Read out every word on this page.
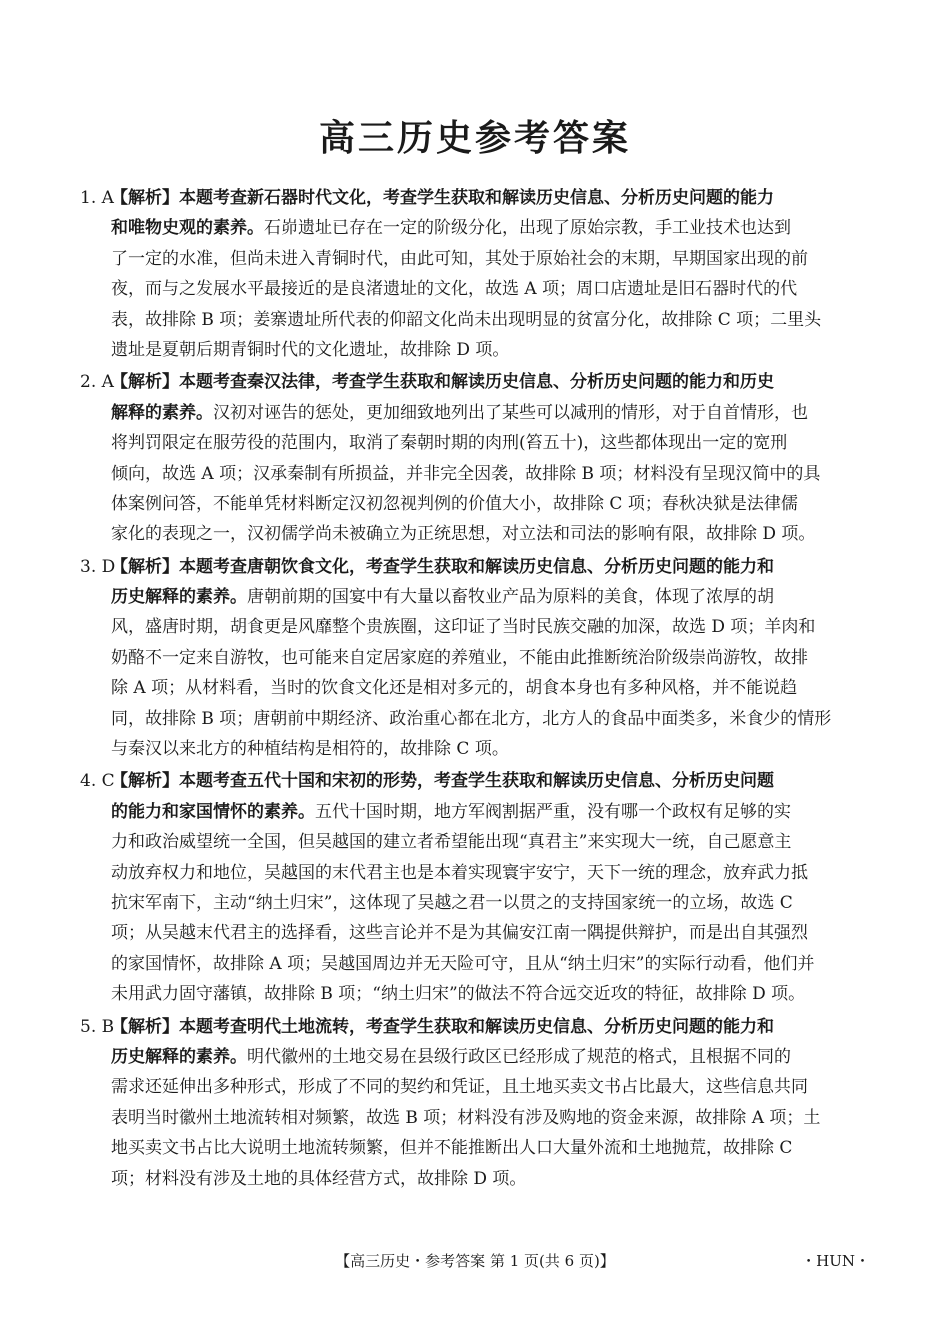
高三历史参考答案
1. A【解析】本题考查新石器时代文化，考查学生获取和解读历史信息、分析历史问题的能力
和唯物史观的素养。石峁遗址已存在一定的阶级分化，出现了原始宗教，手工业技术也达到
了一定的水准，但尚未进入青铜时代，由此可知，其处于原始社会的末期，早期国家出现的前
夜，而与之发展水平最接近的是良渚遗址的文化，故选 A 项；周口店遗址是旧石器时代的代
表，故排除 B 项；姜寨遗址所代表的仰韶文化尚未出现明显的贫富分化，故排除 C 项；二里头
遗址是夏朝后期青铜时代的文化遗址，故排除 D 项。
2. A【解析】本题考查秦汉法律，考查学生获取和解读历史信息、分析历史问题的能力和历史
解释的素养。汉初对诬告的惩处，更加细致地列出了某些可以减刑的情形，对于自首情形，也
将判罚限定在服劳役的范围内，取消了秦朝时期的肉刑(笞五十)，这些都体现出一定的宽刑
倾向，故选 A 项；汉承秦制有所损益，并非完全因袭，故排除 B 项；材料没有呈现汉简中的具
体案例问答，不能单凭材料断定汉初忽视判例的价值大小，故排除 C 项；春秋决狱是法律儒
家化的表现之一，汉初儒学尚未被确立为正统思想，对立法和司法的影响有限，故排除 D 项。
3. D【解析】本题考查唐朝饮食文化，考查学生获取和解读历史信息、分析历史问题的能力和
历史解释的素养。唐朝前期的国宴中有大量以畜牧业产品为原料的美食，体现了浓厚的胡
风，盛唐时期，胡食更是风靡整个贵族圈，这印证了当时民族交融的加深，故选 D 项；羊肉和
奶酪不一定来自游牧，也可能来自定居家庭的养殖业，不能由此推断统治阶级崇尚游牧，故排
除 A 项；从材料看，当时的饮食文化还是相对多元的，胡食本身也有多种风格，并不能说趋
同，故排除 B 项；唐朝前中期经济、政治重心都在北方，北方人的食品中面类多，米食少的情形
与秦汉以来北方的种植结构是相符的，故排除 C 项。
4. C【解析】本题考查五代十国和宋初的形势，考查学生获取和解读历史信息、分析历史问题
的能力和家国情怀的素养。五代十国时期，地方军阀割据严重，没有哪一个政权有足够的实
力和政治威望统一全国，但吴越国的建立者希望能出现“真君主”来实现大一统，自己愿意主
动放弃权力和地位，吴越国的末代君主也是本着实现寰宇安宁，天下一统的理念，放弃武力抵
抗宋军南下，主动“纳土归宋”，这体现了吴越之君一以贯之的支持国家统一的立场，故选 C
项；从吴越末代君主的选择看，这些言论并不是为其偏安江南一隅提供辩护，而是出自其强烈
的家国情怀，故排除 A 项；吴越国周边并无天险可守，且从“纳土归宋”的实际行动看，他们并
未用武力固守藩镇，故排除 B 项；“纳土归宋”的做法不符合远交近攻的特征，故排除 D 项。
5. B【解析】本题考查明代土地流转，考查学生获取和解读历史信息、分析历史问题的能力和
历史解释的素养。明代徽州的土地交易在县级行政区已经形成了规范的格式，且根据不同的
需求还延伸出多种形式，形成了不同的契约和凭证，且土地买卖文书占比最大，这些信息共同
表明当时徽州土地流转相对频繁，故选 B 项；材料没有涉及购地的资金来源，故排除 A 项；土
地买卖文书占比大说明土地流转频繁，但并不能推断出人口大量外流和土地抛荒，故排除 C
项；材料没有涉及土地的具体经营方式，故排除 D 项。
【高三历史・参考答案 第 1 页(共 6 页)】	・HUN・
